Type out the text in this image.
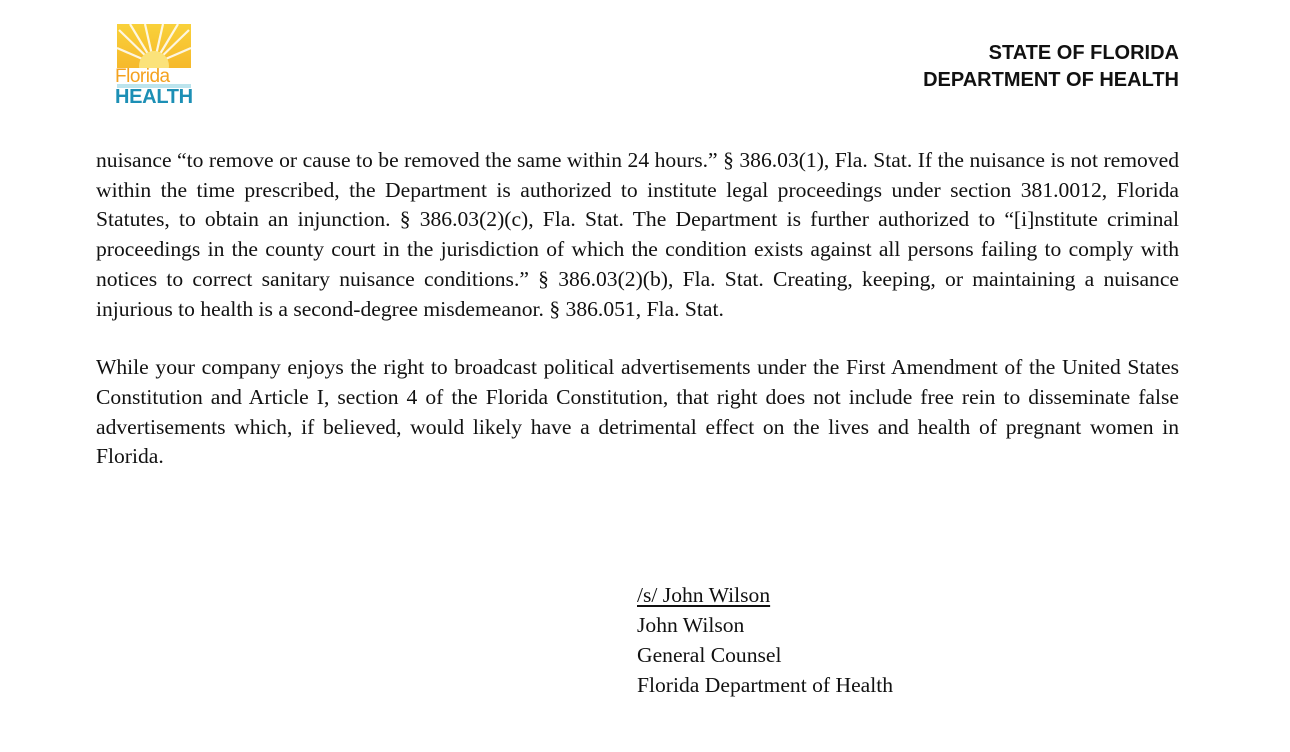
Florida
HEALTH
STATE OF FLORIDA
DEPARTMENT OF HEALTH

nuisance “to remove or cause to be removed the same within 24 hours.” § 386.03(1), Fla. Stat. If the nuisance is not removed within the time prescribed, the Department is authorized to institute legal proceedings under section 381.0012, Florida Statutes, to obtain an injunction. § 386.03(2)(c), Fla. Stat. The Department is further authorized to “[i]nstitute criminal proceedings in the county court in the jurisdiction of which the condition exists against all persons failing to comply with notices to correct sanitary nuisance conditions.” § 386.03(2)(b), Fla. Stat. Creating, keeping, or maintaining a nuisance injurious to health is a second-degree misdemeanor. § 386.051, Fla. Stat.

While your company enjoys the right to broadcast political advertisements under the First Amendment of the United States Constitution and Article I, section 4 of the Florida Constitution, that right does not include free rein to disseminate false advertisements which, if believed, would likely have a detrimental effect on the lives and health of pregnant women in Florida.

/s/ John Wilson
John Wilson
General Counsel
Florida Department of Health
